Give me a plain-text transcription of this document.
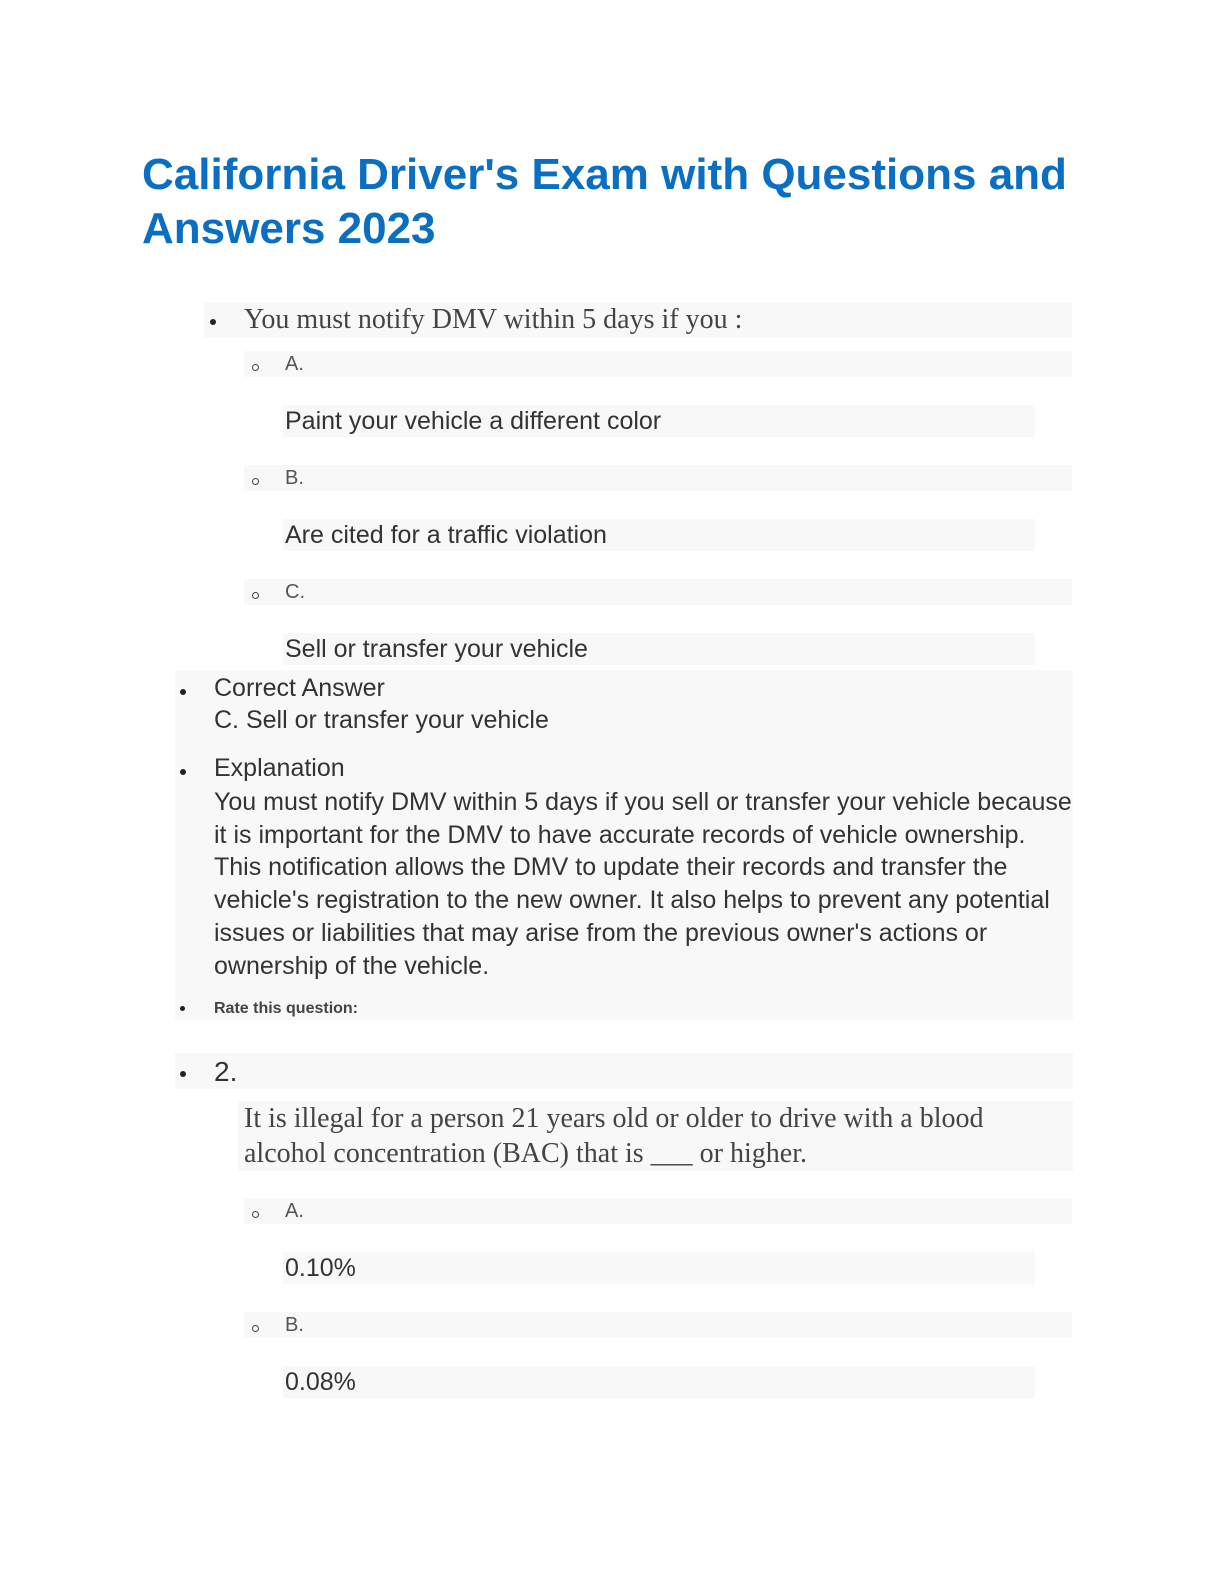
California Driver's Exam with Questions and Answers 2023
You must notify DMV within 5 days if you :
A.
Paint your vehicle a different color
B.
Are cited for a traffic violation
C.
Sell or transfer your vehicle
Correct Answer
C. Sell or transfer your vehicle
Explanation
You must notify DMV within 5 days if you sell or transfer your vehicle because it is important for the DMV to have accurate records of vehicle ownership. This notification allows the DMV to update their records and transfer the vehicle's registration to the new owner. It also helps to prevent any potential issues or liabilities that may arise from the previous owner's actions or ownership of the vehicle.
Rate this question:
2.
It is illegal for a person 21 years old or older to drive with a blood alcohol concentration (BAC) that is ___ or higher.
A.
0.10%
B.
0.08%
